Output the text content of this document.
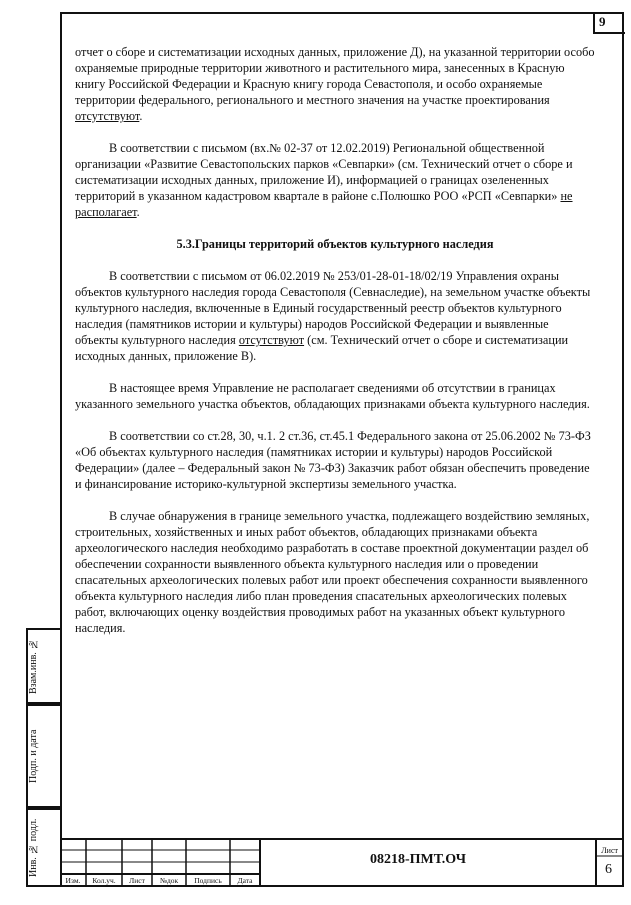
9

отчет о сборе и систематизации исходных данных, приложение Д), на указанной территории особо охраняемые природные территории животного и растительного мира, занесенных в Красную книгу Российской Федерации и Красную книгу города Севастополя, и особо охраняемые территории федерального, регионального и местного значения на участке проектирования отсутствуют.

В соответствии с письмом (вх.№ 02-37 от 12.02.2019) Региональной общественной организации «Развитие Севастопольских парков «Севпарки» (см. Технический отчет о сборе и систематизации исходных данных, приложение И), информацией о границах озелененных территорий в указанном кадастровом квартале в районе с.Полюшко РОО «РСП «Севпарки» не располагает.

5.3.Границы территорий объектов культурного наследия

В соответствии с письмом от 06.02.2019 № 253/01-28-01-18/02/19 Управления охраны объектов культурного наследия города Севастополя (Севнаследие), на земельном участке объекты культурного наследия, включенные в Единый государственный реестр объектов культурного наследия (памятников истории и культуры) народов Российской Федерации и выявленные объекты культурного наследия отсутствуют (см. Технический отчет о сборе и систематизации исходных данных, приложение В).

В настоящее время Управление не располагает сведениями об отсутствии в границах указанного земельного участка объектов, обладающих признаками объекта культурного наследия.

В соответствии со ст.28, 30, ч.1. 2 ст.36, ст.45.1 Федерального закона от 25.06.2002 № 73-ФЗ «Об объектах культурного наследия (памятниках истории и культуры) народов Российской Федерации» (далее – Федеральный закон № 73-ФЗ) Заказчик работ обязан обеспечить проведение и финансирование историко-культурной экспертизы земельного участка.

В случае обнаружения в границе земельного участка, подлежащего воздействию земляных, строительных, хозяйственных и иных работ объектов, обладающих признаками объекта археологического наследия необходимо разработать в составе проектной документации раздел об обеспечении сохранности выявленного объекта культурного наследия или о проведении спасательных археологических полевых работ или проект обеспечения сохранности выявленного объекта культурного наследия либо план проведения спасательных археологических полевых работ, включающих оценку воздействия проводимых работ на указанных объект культурного наследия.

Взам.инв. №
Подп. и дата
Инв. № подл.
Изм.	Кол.уч.	Лист	№док	Подпись	Дата
08218-ПМТ.ОЧ
Лист
6
